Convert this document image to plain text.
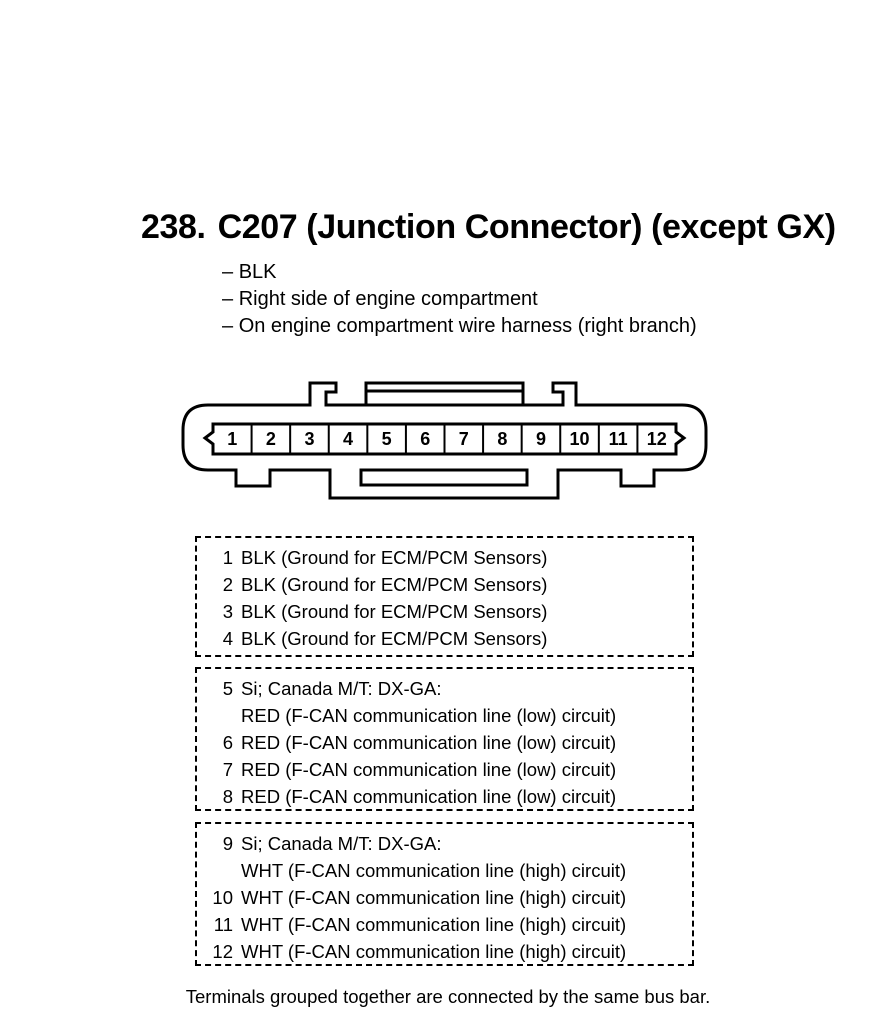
238. C207 (Junction Connector) (except GX)
– BLK
– Right side of engine compartment
– On engine compartment wire harness (right branch)
1 2 3 4 5 6 7 8 9 10 11 12
1 BLK (Ground for ECM/PCM Sensors)
2 BLK (Ground for ECM/PCM Sensors)
3 BLK (Ground for ECM/PCM Sensors)
4 BLK (Ground for ECM/PCM Sensors)
5 Si; Canada M/T: DX-GA:
RED (F-CAN communication line (low) circuit)
6 RED (F-CAN communication line (low) circuit)
7 RED (F-CAN communication line (low) circuit)
8 RED (F-CAN communication line (low) circuit)
9 Si; Canada M/T: DX-GA:
WHT (F-CAN communication line (high) circuit)
10 WHT (F-CAN communication line (high) circuit)
11 WHT (F-CAN communication line (high) circuit)
12 WHT (F-CAN communication line (high) circuit)
Terminals grouped together are connected by the same bus bar.
